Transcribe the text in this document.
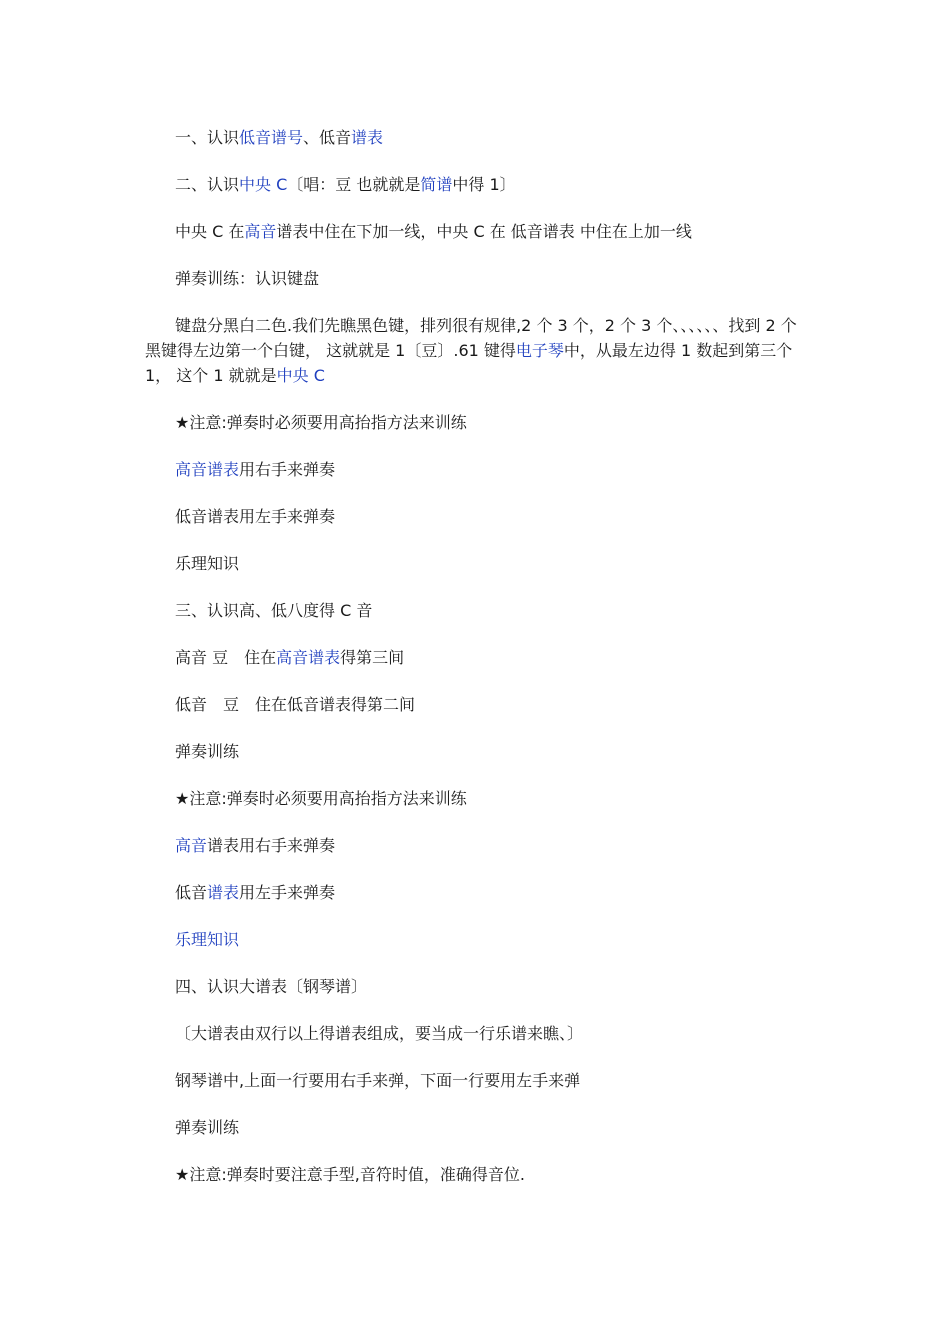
一、认识低音谱号、低音谱表

二、认识中央 C〔唱：豆 也就就是简谱中得 1〕

中央 C 在高音谱表中住在下加一线，中央 C 在 低音谱表 中住在上加一线

弹奏训练：认识键盘

键盘分黑白二色.我们先瞧黑色键，排列很有规律,2 个 3 个，2 个 3 个、、、、、、找到 2 个黑键得左边第一个白键， 这就就是 1〔豆〕.61 键得电子琴中，从最左边得 1 数起到第三个 1， 这个 1 就就是中央 C

★注意:弹奏时必须要用高抬指方法来训练

高音谱表用右手来弹奏

低音谱表用左手来弹奏

乐理知识

三、认识高、低八度得 C 音

高音 豆　住在高音谱表得第三间

低音　豆　住在低音谱表得第二间

弹奏训练

★注意:弹奏时必须要用高抬指方法来训练

高音谱表用右手来弹奏

低音谱表用左手来弹奏

乐理知识

四、认识大谱表〔钢琴谱〕

〔大谱表由双行以上得谱表组成，要当成一行乐谱来瞧、〕

钢琴谱中,上面一行要用右手来弹，下面一行要用左手来弹

弹奏训练

★注意:弹奏时要注意手型,音符时值，准确得音位.
